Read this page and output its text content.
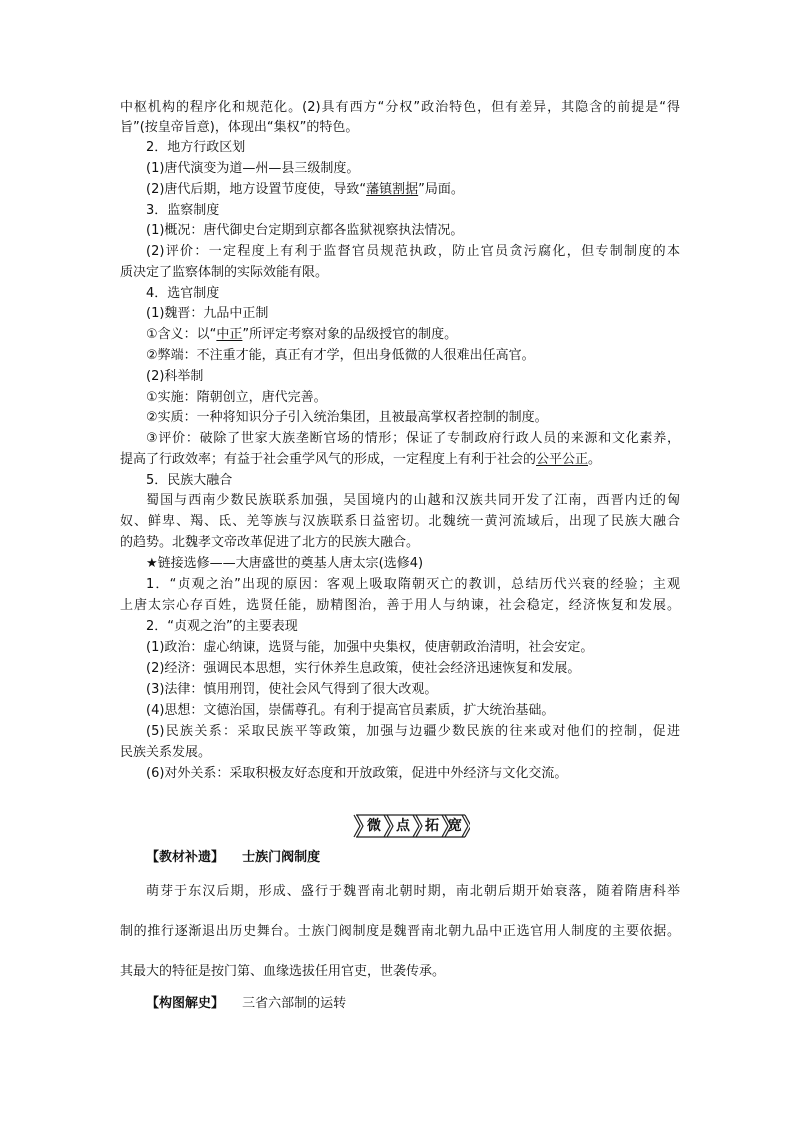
中枢机构的程序化和规范化。(2)具有西方“分权”政治特色，但有差异，其隐含的前提是“得
旨”(按皇帝旨意)，体现出“集权”的特色。
2．地方行政区划
(1)唐代演变为道—州—县三级制度。
(2)唐代后期，地方设置节度使，导致“藩镇割据”局面。
3．监察制度
(1)概况：唐代御史台定期到京都各监狱视察执法情况。
(2)评价：一定程度上有利于监督官员规范执政，防止官员贪污腐化，但专制制度的本
质决定了监察体制的实际效能有限。
4．选官制度
(1)魏晋：九品中正制
①含义：以“中正”所评定考察对象的品级授官的制度。
②弊端：不注重才能，真正有才学，但出身低微的人很难出任高官。
(2)科举制
①实施：隋朝创立，唐代完善。
②实质：一种将知识分子引入统治集团，且被最高掌权者控制的制度。
③评价：破除了世家大族垄断官场的情形；保证了专制政府行政人员的来源和文化素养，
提高了行政效率；有益于社会重学风气的形成，一定程度上有利于社会的公平公正。
5．民族大融合
蜀国与西南少数民族联系加强，吴国境内的山越和汉族共同开发了江南，西晋内迁的匈
奴、鲜卑、羯、氐、羌等族与汉族联系日益密切。北魏统一黄河流域后，出现了民族大融合
的趋势。北魏孝文帝改革促进了北方的民族大融合。
★链接选修——大唐盛世的奠基人唐太宗(选修4)
1．“贞观之治”出现的原因：客观上吸取隋朝灭亡的教训，总结历代兴衰的经验；主观
上唐太宗心存百姓，选贤任能，励精图治，善于用人与纳谏，社会稳定，经济恢复和发展。
2．“贞观之治”的主要表现
(1)政治：虚心纳谏，选贤与能，加强中央集权，使唐朝政治清明，社会安定。
(2)经济：强调民本思想，实行休养生息政策，使社会经济迅速恢复和发展。
(3)法律：慎用刑罚，使社会风气得到了很大改观。
(4)思想：文德治国，崇儒尊孔。有利于提高官员素质，扩大统治基础。
(5)民族关系：采取民族平等政策，加强与边疆少数民族的往来或对他们的控制，促进
民族关系发展。
(6)对外关系：采取积极友好态度和开放政策，促进中外经济与文化交流。
微 点 拓 宽
【教材补遗】 士族门阀制度
萌芽于东汉后期，形成、盛行于魏晋南北朝时期，南北朝后期开始衰落，随着隋唐科举
制的推行逐渐退出历史舞台。士族门阀制度是魏晋南北朝九品中正选官用人制度的主要依据。
其最大的特征是按门第、血缘选拔任用官吏，世袭传承。
【构图解史】 三省六部制的运转
